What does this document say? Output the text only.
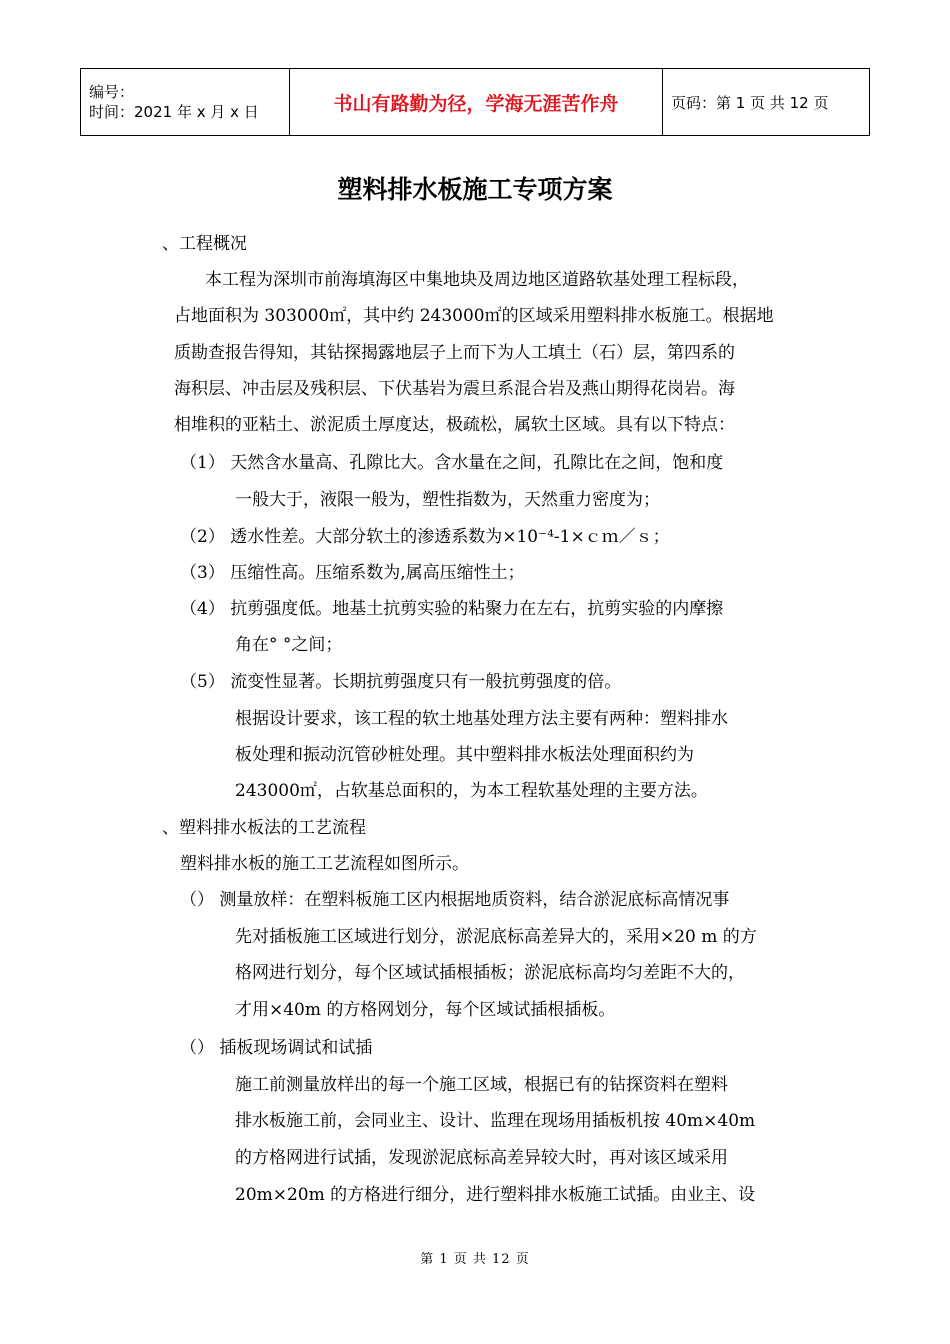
编号：
时间：2021 年 x 月 x 日	书山有路勤为径，学海无涯苦作舟	页码：第 1 页 共 12 页
塑料排水板施工专项方案
、工程概况
本工程为深圳市前海填海区中集地块及周边地区道路软基处理工程标段，
占地面积为 303000㎡，其中约 243000㎡的区域采用塑料排水板施工。根据地
质勘查报告得知，其钻探揭露地层子上而下为人工填土（石）层，第四系的
海积层、冲击层及残积层、下伏基岩为震旦系混合岩及燕山期得花岗岩。海
相堆积的亚粘土、淤泥质土厚度达，极疏松，属软土区域。具有以下特点：
（1） 天然含水量高、孔隙比大。含水量在之间，孔隙比在之间，饱和度
一般大于，液限一般为，塑性指数为，天然重力密度为；
（2） 透水性差。大部分软土的渗透系数为×10⁻⁴-1×ｃｍ／ｓ；
（3） 压缩性高。压缩系数为,属高压缩性土；
（4） 抗剪强度低。地基土抗剪实验的粘聚力在左右，抗剪实验的内摩擦
角在° °之间；
（5） 流变性显著。长期抗剪强度只有一般抗剪强度的倍。
根据设计要求，该工程的软土地基处理方法主要有两种：塑料排水
板处理和振动沉管砂桩处理。其中塑料排水板法处理面积约为
243000㎡，占软基总面积的，为本工程软基处理的主要方法。
、塑料排水板法的工艺流程
塑料排水板的施工工艺流程如图所示。
（） 测量放样：在塑料板施工区内根据地质资料，结合淤泥底标高情况事
先对插板施工区域进行划分，淤泥底标高差异大的，采用×20 m 的方
格网进行划分，每个区域试插根插板；淤泥底标高均匀差距不大的，
才用×40m 的方格网划分，每个区域试插根插板。
（） 插板现场调试和试插
施工前测量放样出的每一个施工区域，根据已有的钻探资料在塑料
排水板施工前，会同业主、设计、监理在现场用插板机按 40m×40m
的方格网进行试插，发现淤泥底标高差异较大时，再对该区域采用
20m×20m 的方格进行细分，进行塑料排水板施工试插。由业主、设
第 1 页 共 12 页
